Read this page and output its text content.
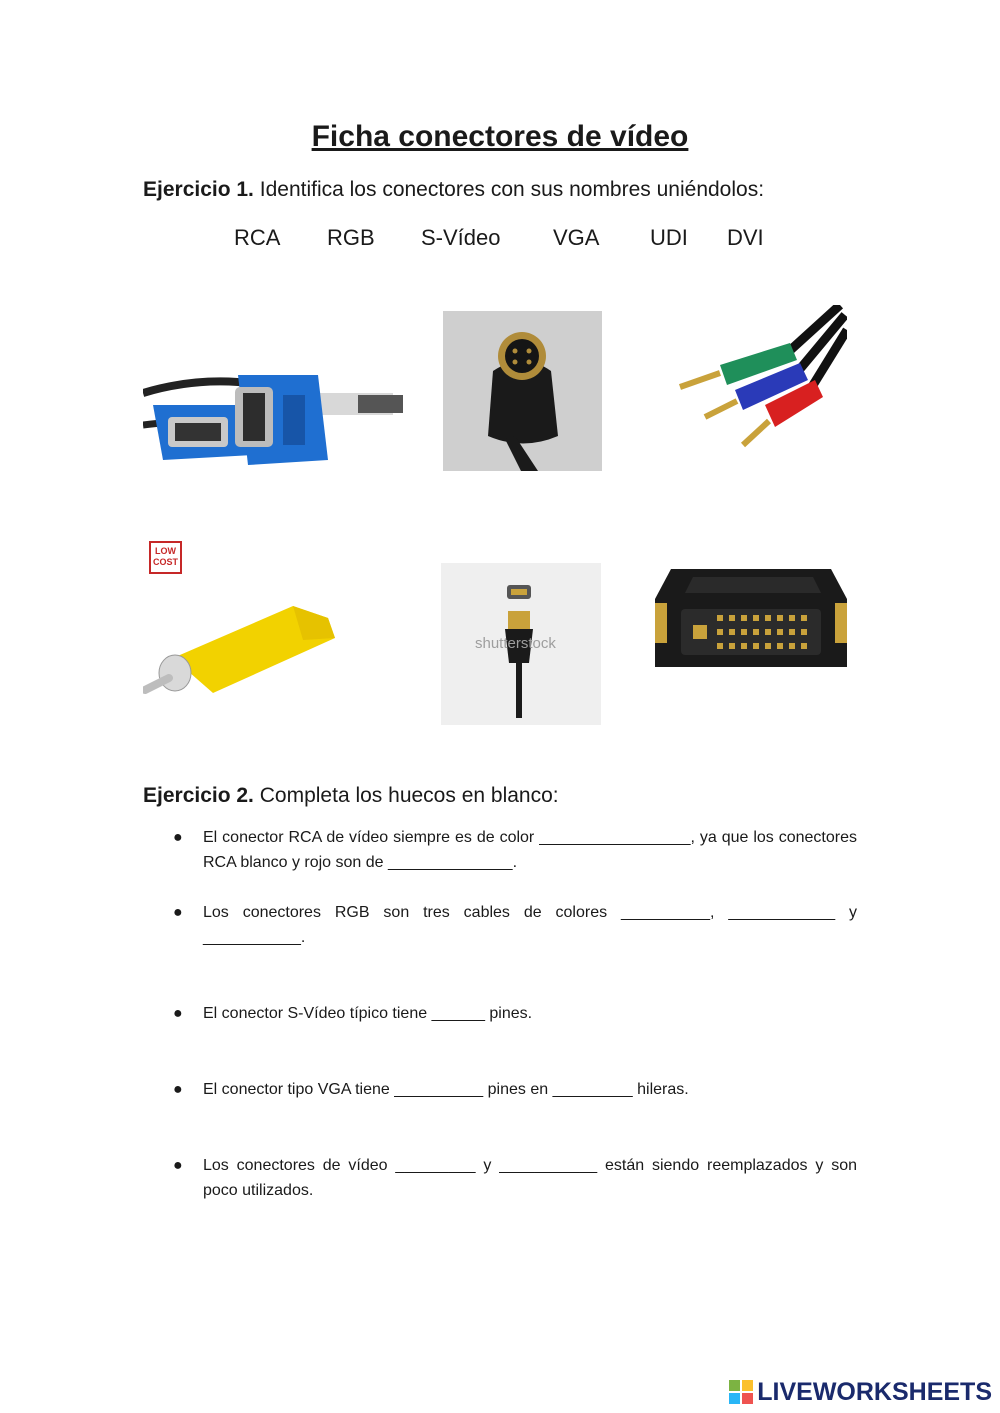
Ficha conectores de vídeo
Ejercicio 1. Identifica los conectores con sus nombres uniéndolos:
RCA RGB S-Vídeo VGA UDI DVI
LOW COST
shutterstock
Ejercicio 2. Completa los huecos en blanco:
● El conector RCA de vídeo siempre es de color _________________, ya que los conectores RCA blanco y rojo son de ______________.
● Los conectores RGB son tres cables de colores __________, ____________ y ___________.
● El conector S-Vídeo típico tiene ______ pines.
● El conector tipo VGA tiene __________ pines en _________ hileras.
● Los conectores de vídeo _________ y ___________ están siendo reemplazados y son poco utilizados.
LIVEWORKSHEETS
